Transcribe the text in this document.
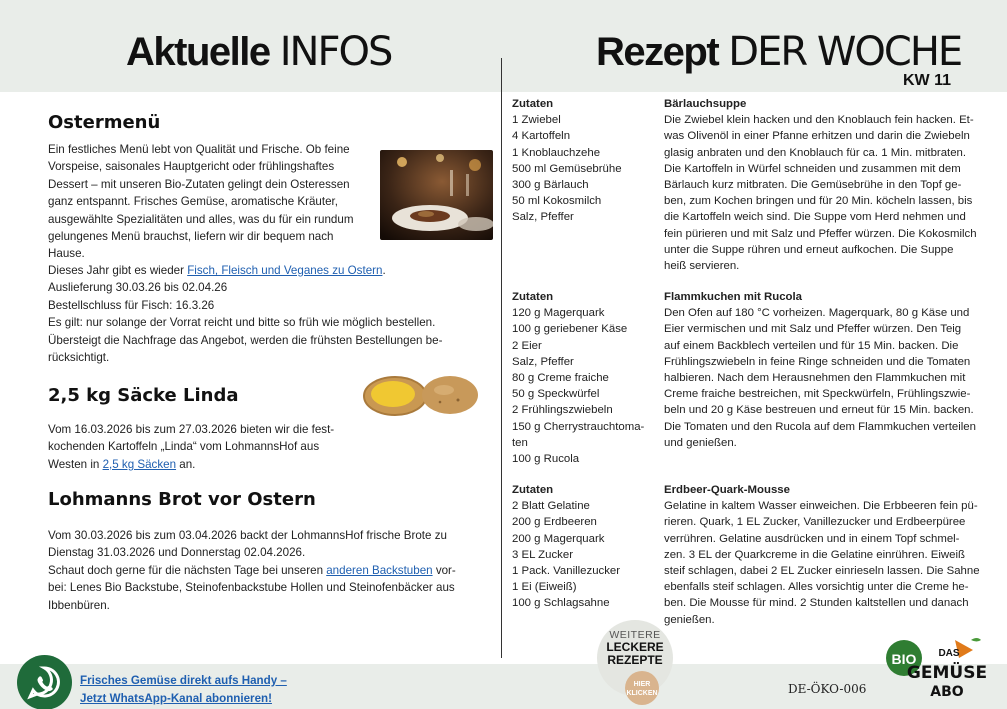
Aktuelle INFOS	Rezept DER WOCHE
KW 11
Ostermenü
Ein festliches Menü lebt von Qualität und Frische. Ob feine
Vorspeise, saisonales Hauptgericht oder frühlingshaftes
Dessert – mit unseren Bio-Zutaten gelingt dein Osteressen
ganz entspannt. Frisches Gemüse, aromatische Kräuter,
ausgewählte Spezialitäten und alles, was du für ein rundum
gelungenes Menü brauchst, liefern wir dir bequem nach
Hause.
Dieses Jahr gibt es wieder Fisch, Fleisch und Veganes zu Ostern.
Auslieferung 30.03.26 bis 02.04.26
Bestellschluss für Fisch: 16.3.26
Es gilt: nur solange der Vorrat reicht und bitte so früh wie möglich bestellen.
Übersteigt die Nachfrage das Angebot, werden die frühsten Bestellungen be-
rücksichtigt.
2,5 kg Säcke Linda
Vom 16.03.2026 bis zum 27.03.2026 bieten wir die fest-
kochenden Kartoffeln „Linda“ vom LohmannsHof aus
Westen in 2,5 kg Säcken an.
Lohmanns Brot vor Ostern
Vom 30.03.2026 bis zum 03.04.2026 backt der LohmannsHof frische Brote zu
Dienstag 31.03.2026 und Donnerstag 02.04.2026.
Schaut doch gerne für die nächsten Tage bei unseren anderen Backstuben vor-
bei: Lenes Bio Backstube, Steinofenbackstube Hollen und Steinofenbäcker aus
Ibbenbüren.
Zutaten
1 Zwiebel
4 Kartoffeln
1 Knoblauchzehe
500 ml Gemüsebrühe
300 g Bärlauch
50 ml Kokosmilch
Salz, Pfeffer
Bärlauchsuppe
Die Zwiebel klein hacken und den Knoblauch fein hacken. Et-
was Olivenöl in einer Pfanne erhitzen und darin die Zwiebeln
glasig anbraten und den Knoblauch für ca. 1 Min. mitbraten.
Die Kartoffeln in Würfel schneiden und zusammen mit dem
Bärlauch kurz mitbraten. Die Gemüsebrühe in den Topf ge-
ben, zum Kochen bringen und für 20 Min. köcheln lassen, bis
die Kartoffeln weich sind. Die Suppe vom Herd nehmen und
fein pürieren und mit Salz und Pfeffer würzen. Die Kokosmilch
unter die Suppe rühren und erneut aufkochen. Die Suppe
heiß servieren.
Zutaten
120 g Magerquark
100 g geriebener Käse
2 Eier
Salz, Pfeffer
80 g Creme fraiche
50 g Speckwürfel
2 Frühlingszwiebeln
150 g Cherrystrauchtoma-
ten
100 g Rucola
Flammkuchen mit Rucola
Den Ofen auf 180 °C vorheizen. Magerquark, 80 g Käse und
Eier vermischen und mit Salz und Pfeffer würzen. Den Teig
auf einem Backblech verteilen und für 15 Min. backen. Die
Frühlingszwiebeln in feine Ringe schneiden und die Tomaten
halbieren. Nach dem Herausnehmen den Flammkuchen mit
Creme fraiche bestreichen, mit Speckwürfeln, Frühlingszwie-
beln und 20 g Käse bestreuen und erneut für 15 Min. backen.
Die Tomaten und den Rucola auf dem Flammkuchen verteilen
und genießen.
Zutaten
2 Blatt Gelatine
200 g Erdbeeren
200 g Magerquark
3 EL Zucker
1 Pack. Vanillezucker
1 Ei (Eiweiß)
100 g Schlagsahne
Erdbeer-Quark-Mousse
Gelatine in kaltem Wasser einweichen. Die Erbbeeren fein pü-
rieren. Quark, 1 EL Zucker, Vanillezucker und Erdbeerpüree
verrühren. Gelatine ausdrücken und in einem Topf schmel-
zen. 3 EL der Quarkcreme in die Gelatine einrühren. Eiweiß
steif schlagen, dabei 2 EL Zucker einrieseln lassen. Die Sahne
ebenfalls steif schlagen. Alles vorsichtig unter die Creme he-
ben. Die Mousse für mind. 2 Stunden kaltstellen und danach
genießen.
Frisches Gemüse direkt aufs Handy –
Jetzt WhatsApp-Kanal abonnieren!
WEITERE
LECKERE
REZEPTE
HIER
KLICKEN	DE-ÖKO-006
BIO DAS
GEMÜSE
ABO
